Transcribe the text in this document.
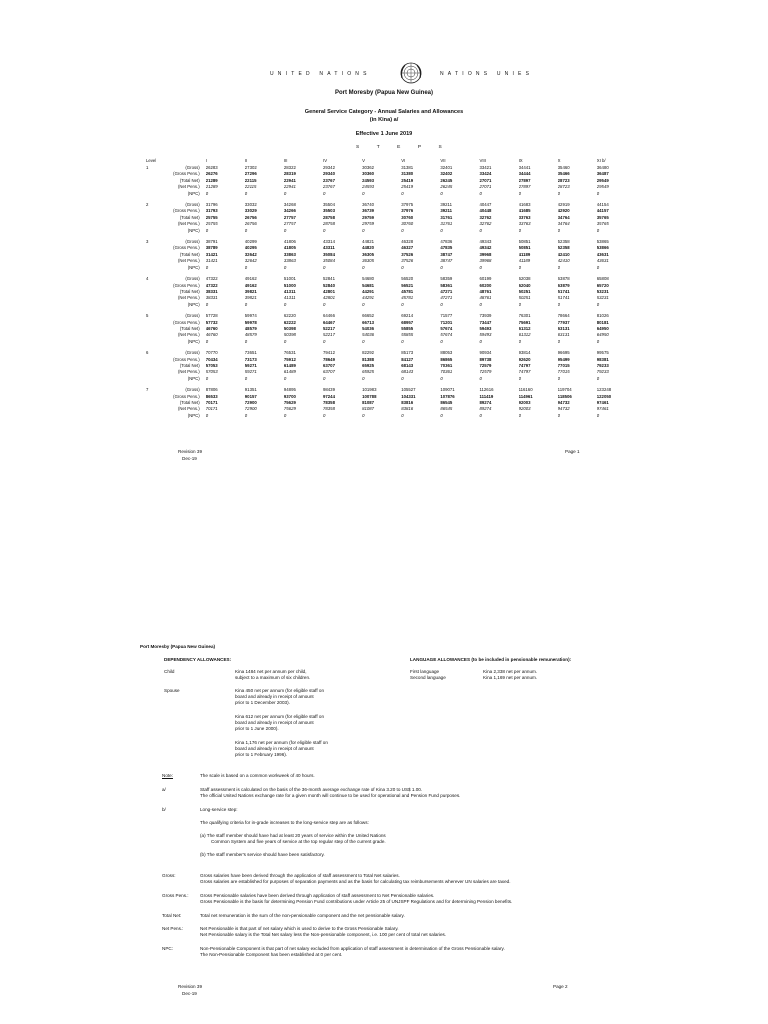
UNITED NATIONS	NATIONS UNIES
Port Moresby (Papua New Guinea)
General Service Category - Annual Salaries and Allowances
(in Kina) a/
Effective 1 June 2019
STEPS
Level		I	II	III	IV	V	VI	VII	VIII	IX	X	XI b/
1	(Gross)	26283	27302	28322	29342	30362	31381	32401	33421	34441	35460	36480
	(Gross Pens.)	26276	27296	28319	29340	30360	31380	32402	33424	34444	35466	36487
	(Total Net)	21289	22115	22941	23767	24593	25419	26245	27071	27897	28723	29549
	(Net Pens.)	21289	22115	22941	23767	24593	25419	26245	27071	27897	28723	29549
	(NPC)	0	0	0	0	0	0	0	0	0	0	0

2	(Gross)	31796	33032	34268	35504	36740	37975	39211	40447	41683	42919	44154
	(Gross Pens.)	31793	33029	34266	35503	36739	37976	39211	40448	41685	42920	44157
	(Total Net)	25755	26756	27757	28758	29759	30760	31761	32762	33763	34764	35765
	(Net Pens.)	25755	26756	27757	28758	29759	30760	31761	32762	33763	34764	35765
	(NPC)	0	0	0	0	0	0	0	0	0	0	0

3	(Gross)	38791	40299	41806	43314	44821	46328	47836	49343	50851	52358	53865
	(Gross Pens.)	38789	40295	41805	43311	44820	46327	47835	49342	50851	52358	53866
	(Total Net)	31421	32642	33863	35084	36305	37526	38747	39968	41189	42410	43631
	(Net Pens.)	31421	32642	33863	35084	36305	37526	38747	39968	41189	42410	43631
	(NPC)	0	0	0	0	0	0	0	0	0	0	0

4	(Gross)	47322	49162	51001	52841	54680	56520	58359	60199	62038	63878	65808
	(Gross Pens.)	47322	49162	51000	52840	54681	56521	58361	60200	62040	63879	65720
	(Total Net)	38331	39821	41311	42801	44291	45781	47271	48761	50251	51741	53231
	(Net Pens.)	38331	39821	41311	42801	44291	45781	47271	48761	50251	51741	53231
	(NPC)	0	0	0	0	0	0	0	0	0	0	0

5	(Gross)	57728	59974	62220	64466	66652	69214	71577	73939	76301	78664	81026
	(Gross Pens.)	57732	59978	62222	64467	66713	68957	71201	73447	75691	77937	80181
	(Total Net)	46760	48579	50398	52217	54036	55855	57674	59493	61312	63131	64950
	(Net Pens.)	46760	48579	50398	52217	54036	55855	57674	59493	61312	63131	64950
	(NPC)	0	0	0	0	0	0	0	0	0	0	0

6	(Gross)	70770	73651	76531	79412	82292	85173	88053	90934	93814	96695	99575
	(Gross Pens.)	70434	73173	75912	78649	81388	84127	86865	89738	92620	95499	98381
	(Total Net)	57053	59271	61489	63707	65925	68143	70361	72579	74797	77015	79233
	(Net Pens.)	57053	59271	61489	63707	65925	68143	70361	72579	74797	77015	79233
	(NPC)	0	0	0	0	0	0	0	0	0	0	0

7	(Gross)	87806	91351	94895	98439	101983	105527	109071	112616	116160	119704	123248
	(Gross Pens.)	86533	90157	93700	97244	100788	104331	107876	111419	114961	118506	122050
	(Total Net)	70171	72900	75629	78358	81087	83816	86545	89274	92003	94732	97461
	(Net Pens.)	70171	72900	75629	78358	81087	83816	86545	89274	92003	94732	97461
	(NPC)	0	0	0	0	0	0	0	0	0	0	0

Revision 39
Dec-19
Page 1
Port Moresby (Papua New Guinea)
DEPENDENCY ALLOWANCES:	LANGUAGE ALLOWANCES (to be included in pensionable remuneration):
Child	Kina 1484 net per annum per child,
subject to a maximum of six children.
Spouse	Kina 450 net per annum (for eligible staff on
board and already in receipt of amount
prior to 1 December 2003).
Kina 612 net per annum (for eligible staff on
board and already in receipt of amount
prior to 1 June 2000).
Kina 1,176 net per annum (for eligible staff on
board and already in receipt of amount
prior to 1 February 1996).
First language	Kina 2,338 net per annum.
Second language	Kina 1,169 net per annum.
Note:	The scale is based on a common workweek of 40 hours.
a/	Staff assessment is calculated on the basis of the 36-month average exchange rate of Kina 3.20 to US$ 1.00.
The official United Nations exchange rate for a given month will continue to be used for operational and Pension Fund purposes.
b/	Long-service step:
The qualifying criteria for in-grade increases to the long-service step are as follows:
(a) The staff member should have had at least 20 years of service within the United Nations
Common System and five years of service at the top regular step of the current grade.
(b) The staff member's service should have been satisfactory.
Gross:	Gross salaries have been derived through the application of staff assessment to Total Net salaries.
Gross salaries are established for purposes of separation payments and as the basis for calculating tax reimbursements wherever UN salaries are taxed.
Gross Pens.: Gross Pensionable salaries have been derived through application of staff assessment to Net Pensionable salaries.
Gross Pensionable is the basis for determining Pension Fund contributions under Article 25 of UNJSPF Regulations and for determining Pension benefits.
Total Net:	Total net remuneration is the sum of the non-pensionable component and the net pensionable salary.
Net Pens.:	Net Pensionable is that part of net salary which is used to derive to the Gross Pensionable Salary.
Net Pensionable salary is the Total Net salary less the Non-pensionable component, i.e. 100 per cent of total net salaries.
NPC:	Non-Pensionable Component is that part of net salary excluded from application of staff assessment in determination of the Gross Pensionable salary.
The Non-Pensionable Component has been established at 0 per cent.
Revision 39
Dec-19
Page 2
